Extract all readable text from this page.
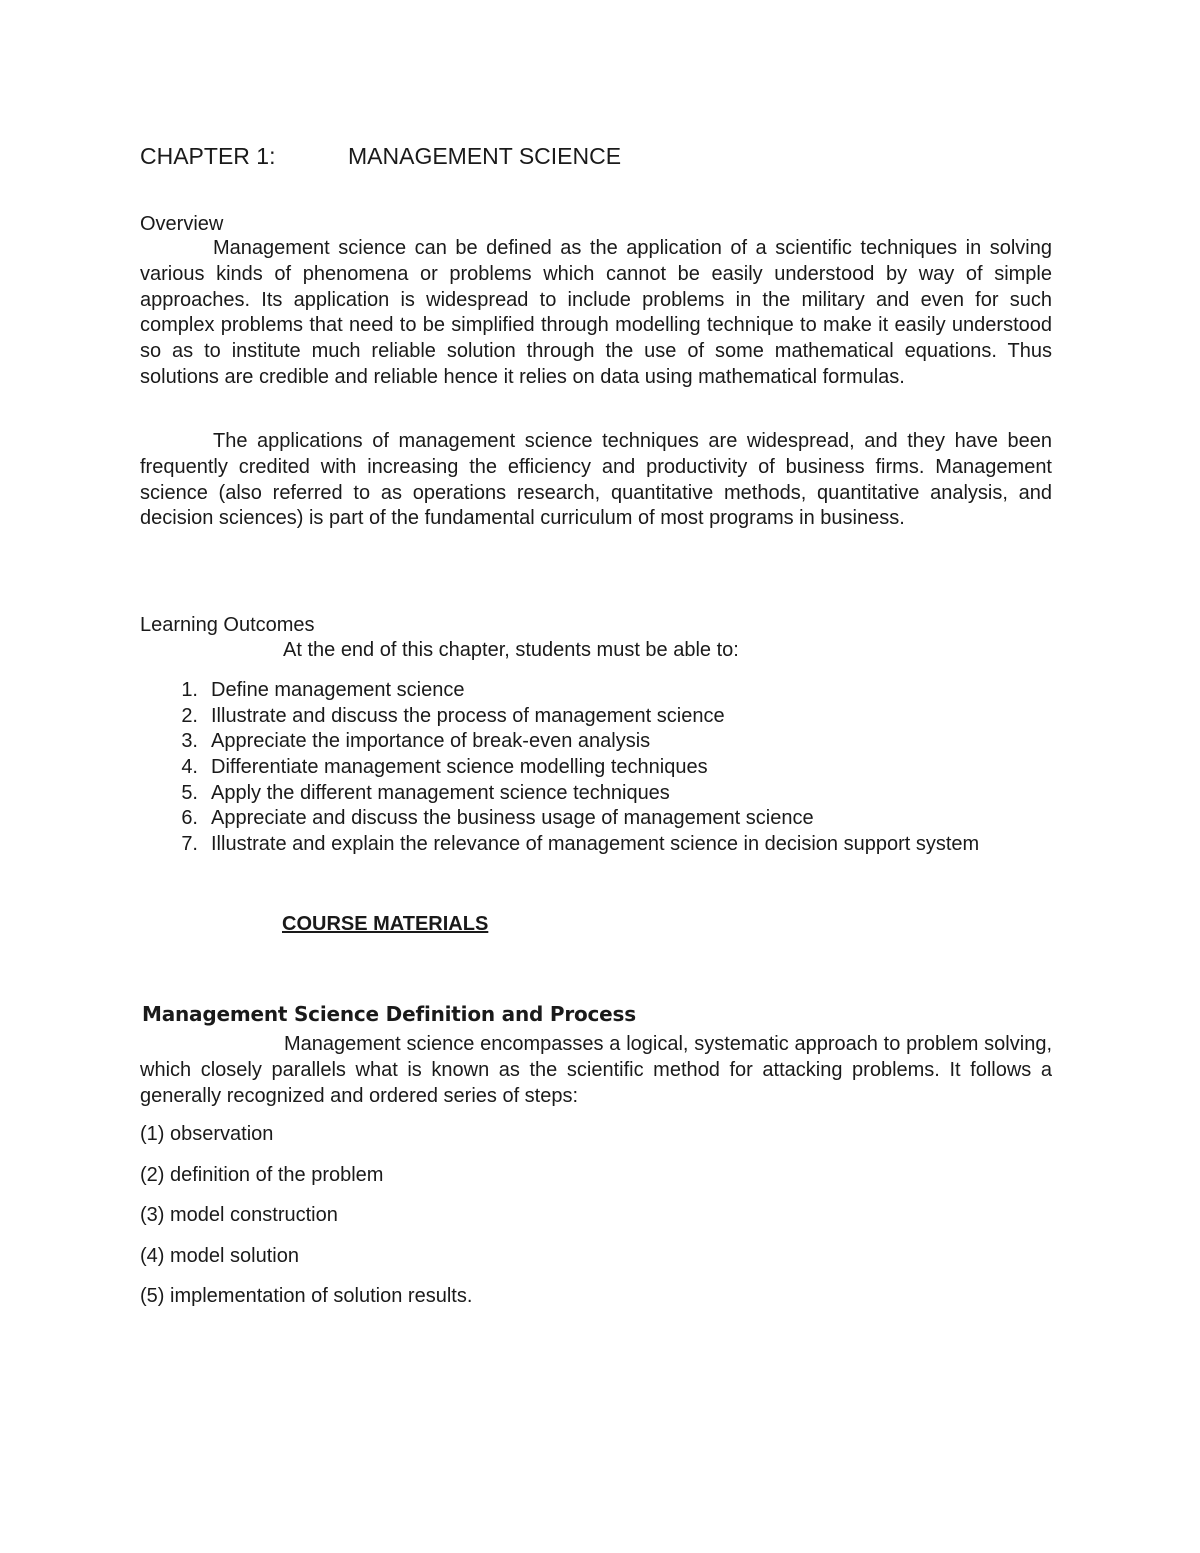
CHAPTER 1:	MANAGEMENT SCIENCE
Overview

Management science can be defined as the application of a scientific techniques in solving various kinds of phenomena or problems which cannot be easily understood by way of simple approaches. Its application is widespread to include problems in the military and even for such complex problems that need to be simplified through modelling technique to make it easily understood so as to institute much reliable solution through the use of some mathematical equations. Thus solutions are credible and reliable hence it relies on data using mathematical formulas.

The applications of management science techniques are widespread, and they have been frequently credited with increasing the efficiency and productivity of business firms. Management science (also referred to as operations research, quantitative methods, quantitative analysis, and decision sciences) is part of the fundamental curriculum of most programs in business.

Learning Outcomes
At the end of this chapter, students must be able to:
1. Define management science
2. Illustrate and discuss the process of management science
3. Appreciate the importance of break-even analysis
4. Differentiate management science modelling techniques
5. Apply the different management science techniques
6. Appreciate and discuss the business usage of management science
7. Illustrate and explain the relevance of management science in decision support system
COURSE MATERIALS
Management Science Definition and Process

Management science encompasses a logical, systematic approach to problem solving, which closely parallels what is known as the scientific method for attacking problems. It follows a generally recognized and ordered series of steps:

(1) observation
(2) definition of the problem
(3) model construction
(4) model solution
(5) implementation of solution results.
